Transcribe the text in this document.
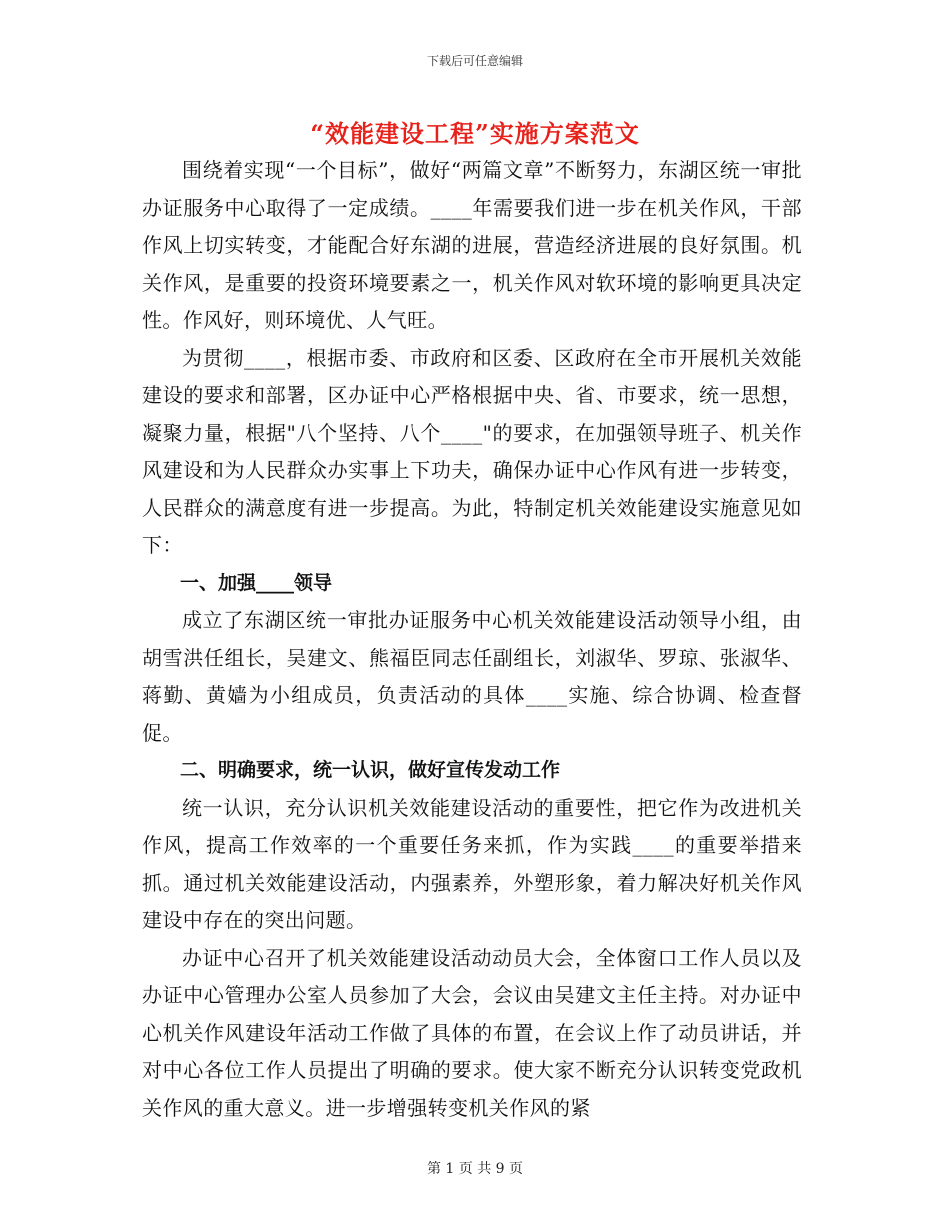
下载后可任意编辑
“效能建设工程”实施方案范文

围绕着实现“一个目标”，做好“两篇文章”不断努力，东湖区统一审批办证服务中心取得了一定成绩。____年需要我们进一步在机关作风，干部作风上切实转变，才能配合好东湖的进展，营造经济进展的良好氛围。机关作风，是重要的投资环境要素之一，机关作风对软环境的影响更具决定性。作风好，则环境优、人气旺。

为贯彻____，根据市委、市政府和区委、区政府在全市开展机关效能建设的要求和部署，区办证中心严格根据中央、省、市要求，统一思想，凝聚力量，根据"八个坚持、八个____"的要求，在加强领导班子、机关作风建设和为人民群众办实事上下功夫，确保办证中心作风有进一步转变，人民群众的满意度有进一步提高。为此，特制定机关效能建设实施意见如下：

一、加强____领导

成立了东湖区统一审批办证服务中心机关效能建设活动领导小组，由胡雪洪任组长，吴建文、熊福臣同志任副组长，刘淑华、罗琼、张淑华、蒋勤、黄嫱为小组成员，负责活动的具体____实施、综合协调、检查督促。

二、明确要求，统一认识，做好宣传发动工作

统一认识，充分认识机关效能建设活动的重要性，把它作为改进机关作风，提高工作效率的一个重要任务来抓，作为实践____的重要举措来抓。通过机关效能建设活动，内强素养，外塑形象，着力解决好机关作风建设中存在的突出问题。

办证中心召开了机关效能建设活动动员大会，全体窗口工作人员以及办证中心管理办公室人员参加了大会，会议由吴建文主任主持。对办证中心机关作风建设年活动工作做了具体的布置，在会议上作了动员讲话，并对中心各位工作人员提出了明确的要求。使大家不断充分认识转变党政机关作风的重大意义。进一步增强转变机关作风的紧

第 1 页 共 9 页
